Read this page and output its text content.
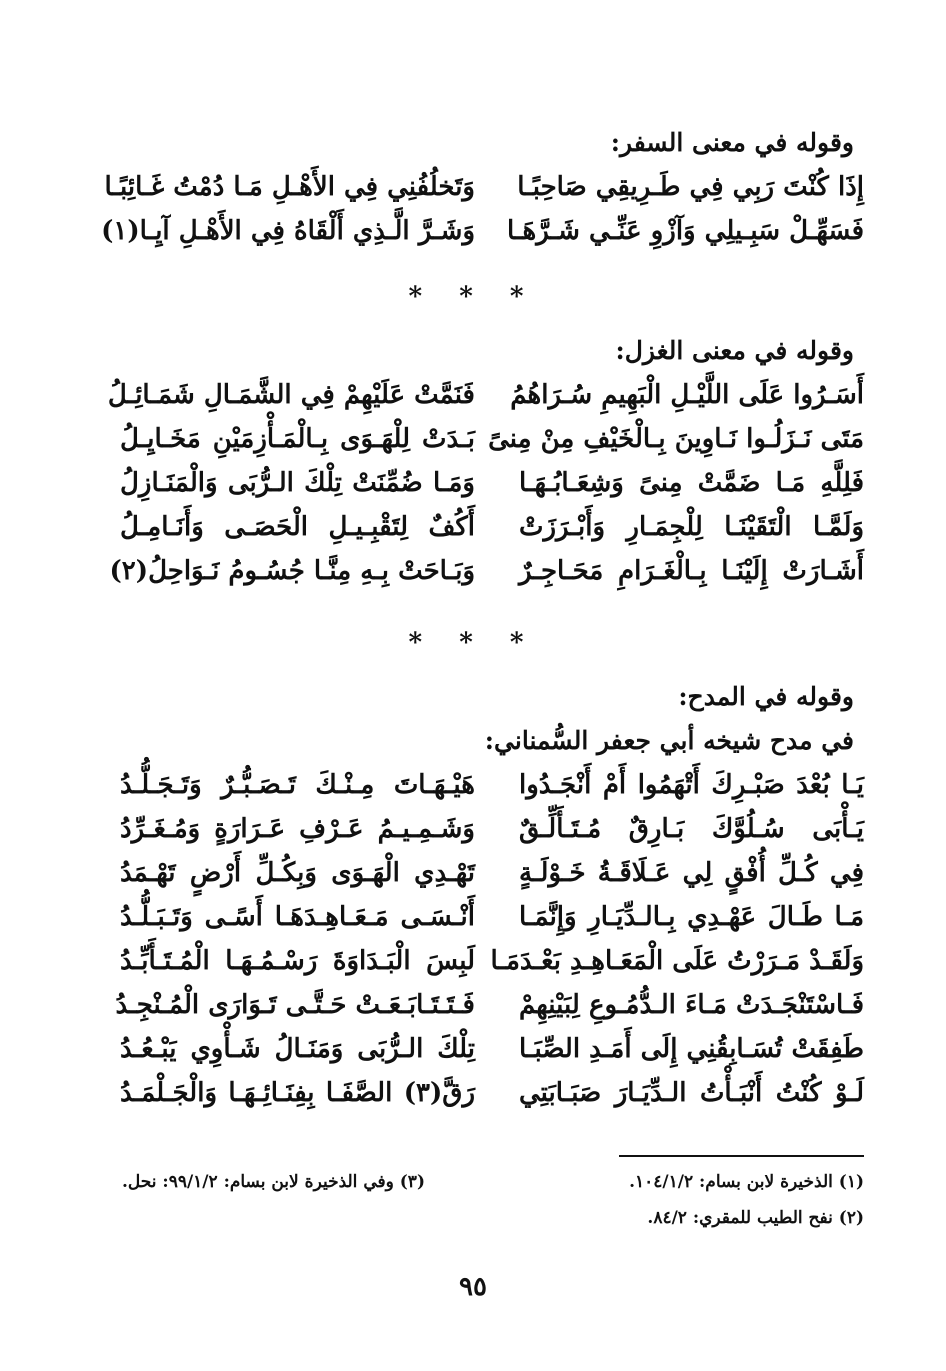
وقوله في معنى السفر:
إِذَا كُنْتَ رَبِي فِي طَـرِيقِي صَاحِبًـا
وَتَخلُفُنِي فِي الأَهْـلِ مَـا دُمْتُ غَـائِبًـا
فَسَهِّـلْ سَبِـيلِي وَآزْوِ عَنِّـي شَـرَّهَـا
وَشَـرَّ الَّـذِي أَلْقَاهُ فِي الأَهْـلِ آيِـا(١)
* * *
وقوله في معنى الغزل:
أَسَـرُوا عَلَى اللَّيْـلِ الْبَهِيمِ سُـرَاهُمُ
فَنَمَّتْ عَلَيْهِمْ فِي الشَّمَـالِ شَمَـائِـلُ
مَتَى نَـزَلُـوا نَـاوِينَ بِـالْخَيْفِ مِنْ مِنىً
بَـدَتْ لِلْهَـوَى بِـالْمَـأْزِمَيْنِ مَخَـايِـلُ
فَلِلَّهِ مَـا ضَمَّتْ مِنىً وَشِعَـابُـهَـا
وَمَـا ضُمِّنَتْ تِلْكَ الـرُّبَى وَالْمَنَـازِلُ
وَلَمَّـا الْتَقَيْنَـا لِلْجِمَـارِ وَأَبْـرَزَتْ
أَكُفٌ لِتَقْبِـيـلِ الْحَصَـى وَأَنَـامِـلُ
أَشَـارَتْ إِلَيْنَـا بِـالْغَـرَامِ مَحَـاجِـرٌ
وَبَـاحَتْ بِـهِ مِنَّـا جُسُـومُ نَـوَاحِلُ(٢)
* * *
وقوله في المدح:
في مدح شيخه أبي جعفر السُّمناني:
يَـا بُعْدَ صَبْـرِكَ أَتْهَمُوا أَمْ أَنْجَـدُوا
هَيْـهَـاتَ مِـنْـكَ تَـصَـبُّـرٌ وَتَـجَـلُّـدُ
يَـأْبَى سُـلُوَّكَ بَـارِقٌ مُـتَـأَلِّـقٌ
وَشَـمِـيـمُ عَـرْفِ عَـرَارَةٍ وَمُـغَـرِّدُ
فِي كُـلِّ أُفْقٍ لِي عَـلَاقَـةُ خَـوْلَـةٍ
تَهْـدِي الْهَـوَى وَبِكُـلِّ أَرْضٍ تَهْـمَدُ
مَـا طَـالَ عَهْـدِي بِـالـدِّيَـارِ وَإِنَّمَـا
أَنْـسَـى مَـعَـاهِـدَهَـا أَسًـى وَتَـبَـلُّـدُ
وَلَقَـدْ مَـرَرْتُ عَلَى الْمَعَـاهِـدِ بَعْـدَمَـا
لَبِسَ الْبَـدَاوَةَ رَسْـمُـهَـا الْمُـتَـأَبِّـدُ
فَـاسْتَنْجَـدَتْ مَـاءَ الـدُّمُـوعِ لِبَيْنِهِمْ
فَـتَـتَـابَـعَـتْ حَـتَّـى تَـوَارَى الْمُـنْجِـدُ
طَفِقَتْ تُسَـابِقُنِي إِلَى أَمَـدِ الصِّبَـا
تِلْكَ الـرُّبَى وَمَنَـالُ شَـأْوِي يَبْـعُـدُ
لَـوْ كُنْتُ أَنْبَـأْتُ الـدِّيَـارَ صَبَـابَتِي
رَقَّ(٣) الصَّفَـا بِفِنَـائِـهَـا وَالْجَـلْمَـدُ
(١) الذخيرة لابن بسام: ١٠٤/١/٢.
(٣) وفي الذخيرة لابن بسام: ٩٩/١/٢: نحل.
(٢) نفح الطيب للمقري: ٨٤/٢.
٩٥
